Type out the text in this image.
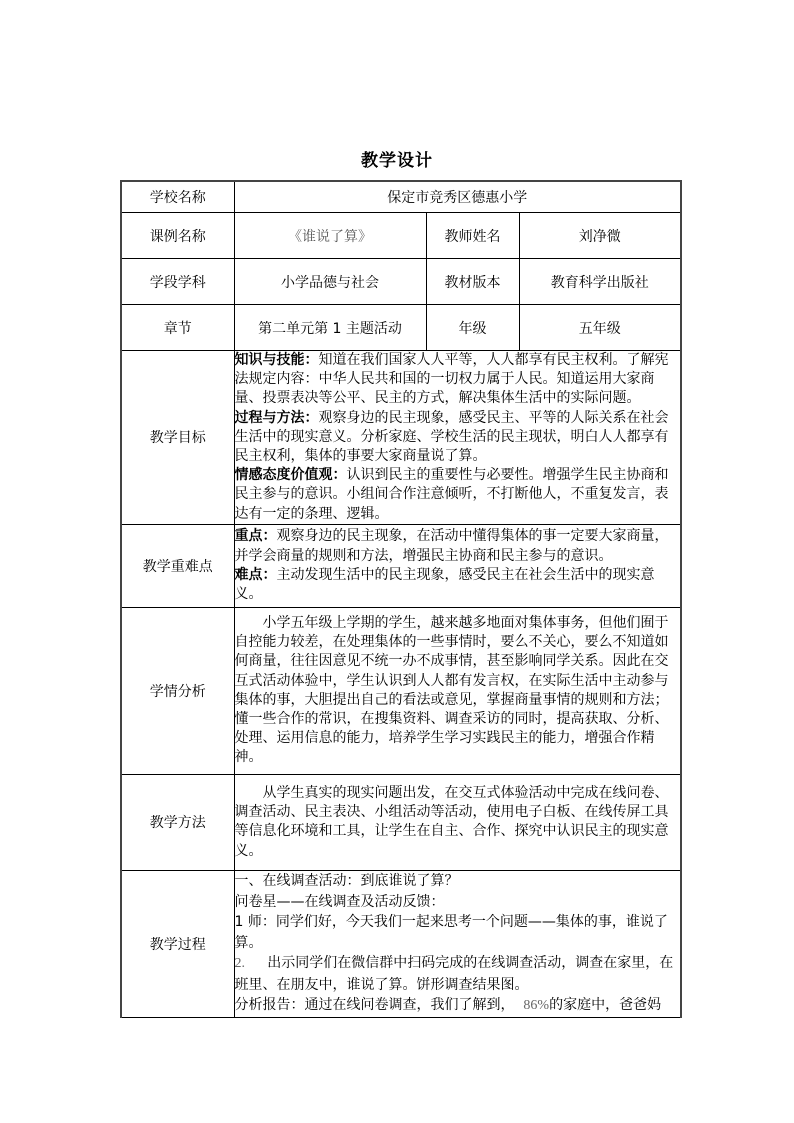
教学设计
学校名称	保定市竞秀区德惠小学		
课例名称	《谁说了算》	教师姓名	刘净微
学段学科	小学品德与社会	教材版本	教育科学出版社
章节	第二单元第 1 主题活动	年级	五年级
教学目标	知识与技能：知道在我们国家人人平等，人人都享有民主权利。了解宪法规定内容：中华人民共和国的一切权力属于人民。知道运用大家商量、投票表决等公平、民主的方式，解决集体生活中的实际问题。

过程与方法：观察身边的民主现象，感受民主、平等的人际关系在社会生活中的现实意义。分析家庭、学校生活的民主现状，明白人人都享有民主权利，集体的事要大家商量说了算。

情感态度价值观：认识到民主的重要性与必要性。增强学生民主协商和民主参与的意识。小组间合作注意倾听，不打断他人，不重复发言，表达有一定的条理、逻辑。		

教学重难点	重点：观察身边的民主现象，在活动中懂得集体的事一定要大家商量，并学会商量的规则和方法，增强民主协商和民主参与的意识。

难点：主动发现生活中的民主现象，感受民主在社会生活中的现实意义。		

学情分析	小学五年级上学期的学生，越来越多地面对集体事务，但他们囿于自控能力较差，在处理集体的一些事情时，要么不关心，要么不知道如何商量，往往因意见不统一办不成事情，甚至影响同学关系。因此在交互式活动体验中，学生认识到人人都有发言权，在实际生活中主动参与集体的事，大胆提出自己的看法或意见，掌握商量事情的规则和方法；懂一些合作的常识，在搜集资料、调查采访的同时，提高获取、分析、处理、运用信息的能力，培养学生学习实践民主的能力，增强合作精神。		

教学方法	从学生真实的现实问题出发，在交互式体验活动中完成在线问卷、调查活动、民主表决、小组活动等活动，使用电子白板、在线传屏工具等信息化环境和工具，让学生在自主、合作、探究中认识民主的现实意义。		

教学过程	一、在线调查活动：到底谁说了算？

问卷星——在线调查及活动反馈：

1 师：同学们好，今天我们一起来思考一个问题——集体的事，谁说了算。

2. 出示同学们在微信群中扫码完成的在线调查活动，调查在家里，在班里、在朋友中，谁说了算。饼形调查结果图。

分析报告：通过在线问卷调查，我们了解到， 86%的家庭中，爸爸妈		
